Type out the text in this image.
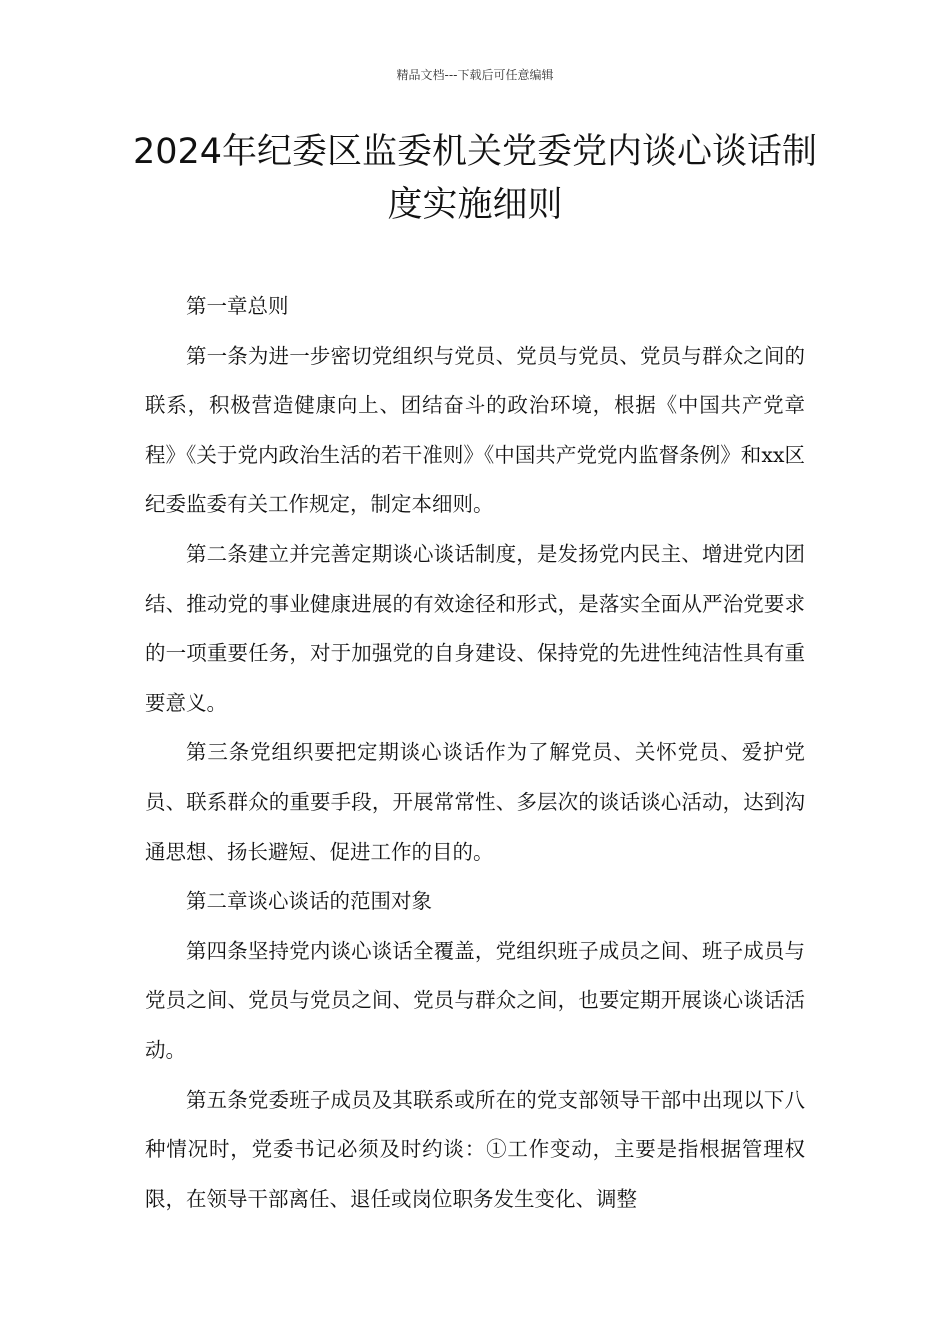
精品文档---下载后可任意编辑
2024年纪委区监委机关党委党内谈心谈话制度实施细则

第一章总则

第一条为进一步密切党组织与党员、党员与党员、党员与群众之间的联系，积极营造健康向上、团结奋斗的政治环境，根据《中国共产党章程》《关于党内政治生活的若干准则》《中国共产党党内监督条例》和xx区纪委监委有关工作规定，制定本细则。

第二条建立并完善定期谈心谈话制度，是发扬党内民主、增进党内团结、推动党的事业健康进展的有效途径和形式，是落实全面从严治党要求的一项重要任务，对于加强党的自身建设、保持党的先进性纯洁性具有重要意义。

第三条党组织要把定期谈心谈话作为了解党员、关怀党员、爱护党员、联系群众的重要手段，开展常常性、多层次的谈话谈心活动，达到沟通思想、扬长避短、促进工作的目的。

第二章谈心谈话的范围对象

第四条坚持党内谈心谈话全覆盖，党组织班子成员之间、班子成员与党员之间、党员与党员之间、党员与群众之间，也要定期开展谈心谈话活动。

第五条党委班子成员及其联系或所在的党支部领导干部中出现以下八种情况时，党委书记必须及时约谈：①工作变动，主要是指根据管理权限，在领导干部离任、退任或岗位职务发生变化、调整
